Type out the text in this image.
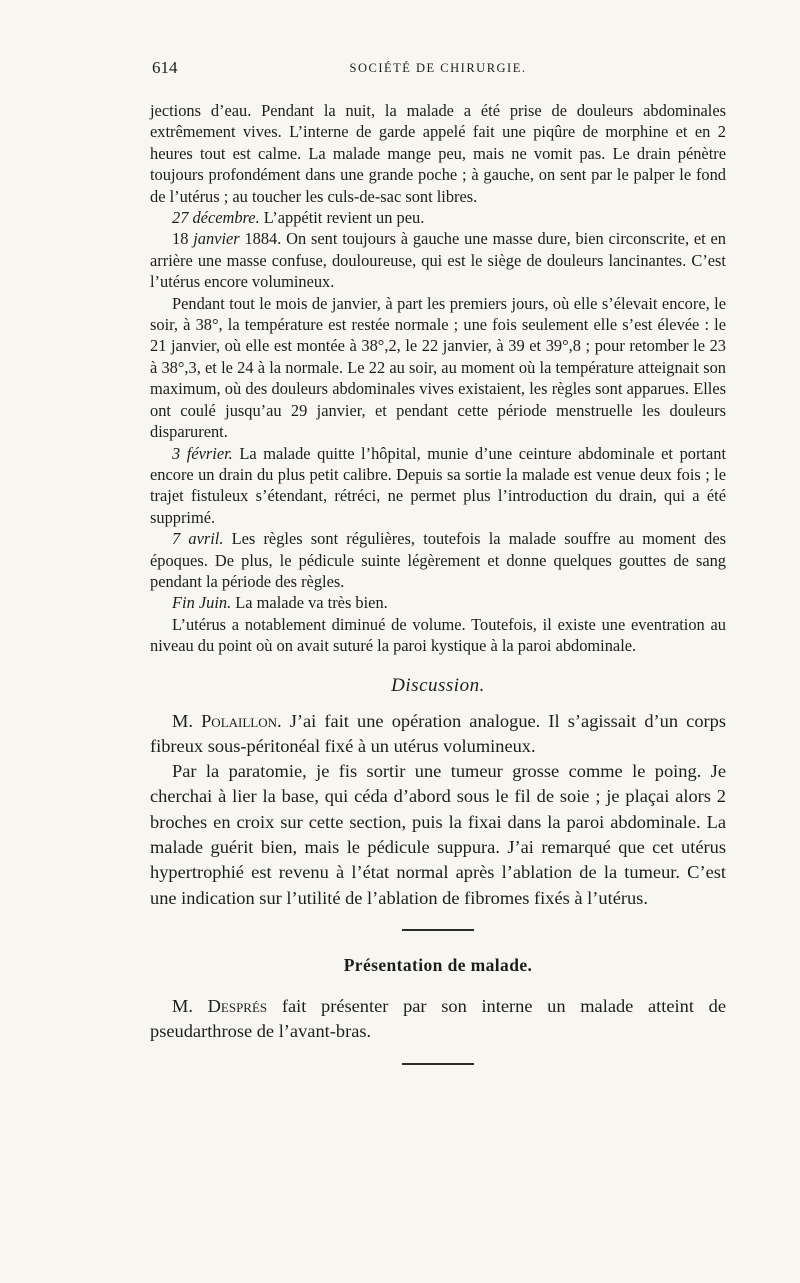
614	SOCIÉTÉ DE CHIRURGIE.

jections d’eau. Pendant la nuit, la malade a été prise de douleurs abdominales extrêmement vives. L’interne de garde appelé fait une piqûre de morphine et en 2 heures tout est calme. La malade mange peu, mais ne vomit pas. Le drain pénètre toujours profondément dans une grande poche ; à gauche, on sent par le palper le fond de l’utérus ; au toucher les culs-de-sac sont libres.

27 décembre. L’appétit revient un peu.

18 janvier 1884. On sent toujours à gauche une masse dure, bien circonscrite, et en arrière une masse confuse, douloureuse, qui est le siège de douleurs lancinantes. C’est l’utérus encore volumineux.

Pendant tout le mois de janvier, à part les premiers jours, où elle s’élevait encore, le soir, à 38°, la température est restée normale ; une fois seulement elle s’est élevée : le 21 janvier, où elle est montée à 38°,2, le 22 janvier, à 39 et 39°,8 ; pour retomber le 23 à 38°,3, et le 24 à la normale. Le 22 au soir, au moment où la température atteignait son maximum, où des douleurs abdominales vives existaient, les règles sont apparues. Elles ont coulé jusqu’au 29 janvier, et pendant cette période menstruelle les douleurs disparurent.

3 février. La malade quitte l’hôpital, munie d’une ceinture abdominale et portant encore un drain du plus petit calibre. Depuis sa sortie la malade est venue deux fois ; le trajet fistuleux s’étendant, rétréci, ne permet plus l’introduction du drain, qui a été supprimé.

7 avril. Les règles sont régulières, toutefois la malade souffre au moment des époques. De plus, le pédicule suinte légèrement et donne quelques gouttes de sang pendant la période des règles.

Fin Juin. La malade va très bien.

L’utérus a notablement diminué de volume. Toutefois, il existe une eventration au niveau du point où on avait suturé la paroi kystique à la paroi abdominale.

Discussion.

M. Polaillon. J’ai fait une opération analogue. Il s’agissait d’un corps fibreux sous-péritonéal fixé à un utérus volumineux.

Par la paratomie, je fis sortir une tumeur grosse comme le poing. Je cherchai à lier la base, qui céda d’abord sous le fil de soie ; je plaçai alors 2 broches en croix sur cette section, puis la fixai dans la paroi abdominale. La malade guérit bien, mais le pédicule suppura. J’ai remarqué que cet utérus hypertrophié est revenu à l’état normal après l’ablation de la tumeur. C’est une indication sur l’utilité de l’ablation de fibromes fixés à l’utérus.

Présentation de malade.

M. Després fait présenter par son interne un malade atteint de pseudarthrose de l’avant-bras.
